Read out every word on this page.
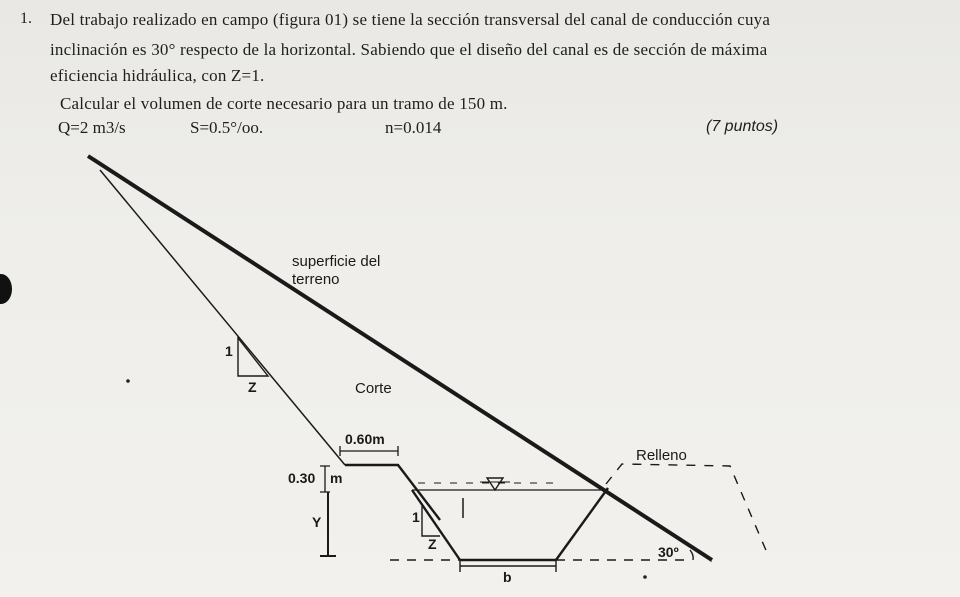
1. Del trabajo realizado en campo (figura 01) se tiene la sección transversal del canal de conducción cuya
inclinación es 30° respecto de la horizontal. Sabiendo que el diseño del canal es de sección de máxima
eficiencia hidráulica, con Z=1.
Calcular el volumen de corte necesario para un tramo de 150 m.
Q=2 m3/s	S=0.5°/oo.	n=0.014	(7 puntos)
superficie del
terreno
Corte
Relleno
0.60m
0.30 m
Y
1
Z
1
Z
b
30º
